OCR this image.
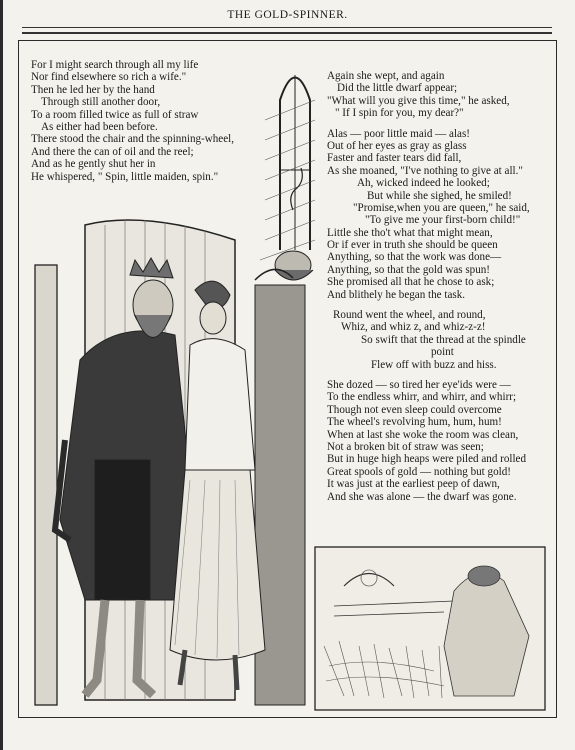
THE GOLD-SPINNER.
For I might search through all my life
Nor find elsewhere so rich a wife."
Then he led her by the hand
Through still another door,
To a room filled twice as full of straw
As either had been before.
There stood the chair and the spinning-wheel,
And there the can of oil and the reel;
And as he gently shut her in
He whispered, " Spin, little maiden, spin."
Again she wept, and again
Did the little dwarf appear;
"What will you give this time," he asked,
" If I spin for you, my dear?"
Alas — poor little maid — alas!
Out of her eyes as gray as glass
Faster and faster tears did fall,
As she moaned, "I've nothing to give at all."
Ah, wicked indeed he looked;
But while she sighed, he smiled!
"Promise,when you are queen," he said,
"To give me your first-born child!"
Little she tho't what that might mean,
Or if ever in truth she should be queen
Anything, so that the work was done—
Anything, so that the gold was spun!
She promised all that he chose to ask;
And blithely he began the task.
Round went the wheel, and round,
Whiz, and whiz z, and whiz-z-z!
So swift that the thread at the spindle
point
Flew off with buzz and hiss.
She dozed — so tired her eye'ids were —
To the endless whirr, and whirr, and whirr;
Though not even sleep could overcome
The wheel's revolving hum, hum, hum!
When at last she woke the room was clean,
Not a broken bit of straw was seen;
But in huge high heaps were piled and rolled
Great spools of gold — nothing but gold!
It was just at the earliest peep of dawn,
And she was alone — the dwarf was gone.
